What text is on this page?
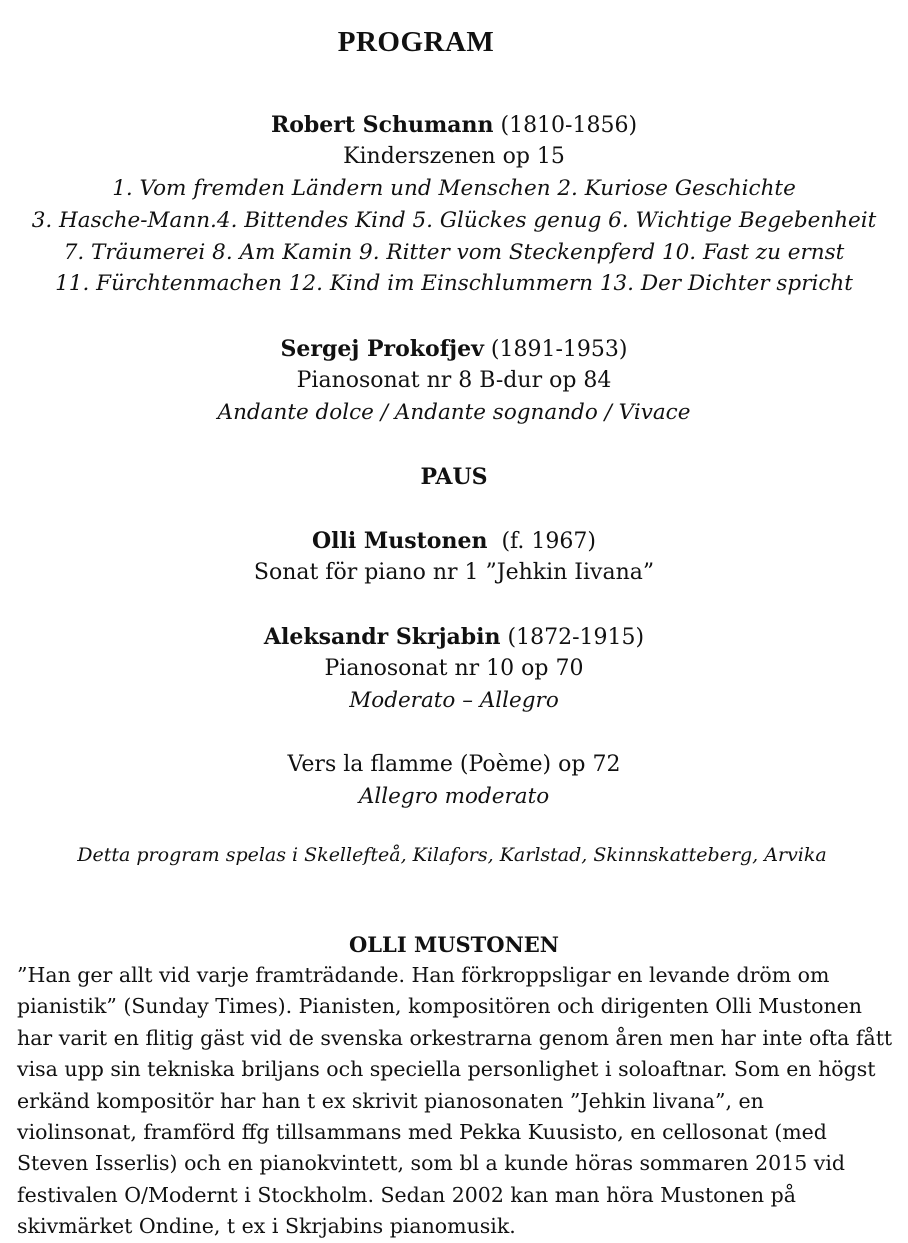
PROGRAM
Robert Schumann (1810-1856)
Kinderszenen op 15
1. Vom fremden Ländern und Menschen 2. Kuriose Geschichte
3. Hasche-Mann.4. Bittendes Kind 5. Glückes genug 6. Wichtige Begebenheit
7. Träumerei 8. Am Kamin 9. Ritter vom Steckenpferd 10. Fast zu ernst
11. Fürchtenmachen 12. Kind im Einschlummern 13. Der Dichter spricht
Sergej Prokofjev (1891-1953)
Pianosonat nr 8 B-dur op 84
Andante dolce / Andante sognando / Vivace
PAUS
Olli Mustonen (f. 1967)
Sonat för piano nr 1 ”Jehkin Iivana”
Aleksandr Skrjabin (1872-1915)
Pianosonat nr 10 op 70
Moderato – Allegro
Vers la flamme (Poème) op 72
Allegro moderato
Detta program spelas i Skellefteå, Kilafors, Karlstad, Skinnskatteberg, Arvika
OLLI MUSTONEN
”Han ger allt vid varje framträdande. Han förkroppsligar en levande dröm om
pianistik” (Sunday Times). Pianisten, kompositören och dirigenten Olli Mustonen
har varit en flitig gäst vid de svenska orkestrarna genom åren men har inte ofta fått
visa upp sin tekniska briljans och speciella personlighet i soloaftnar. Som en högst
erkänd kompositör har han t ex skrivit pianosonaten ”Jehkin livana”, en
violinsonat, framförd ffg tillsammans med Pekka Kuusisto, en cellosonat (med
Steven Isserlis) och en pianokvintett, som bl a kunde höras sommaren 2015 vid
festivalen O/Modernt i Stockholm. Sedan 2002 kan man höra Mustonen på
skivmärket Ondine, t ex i Skrjabins pianomusik.
